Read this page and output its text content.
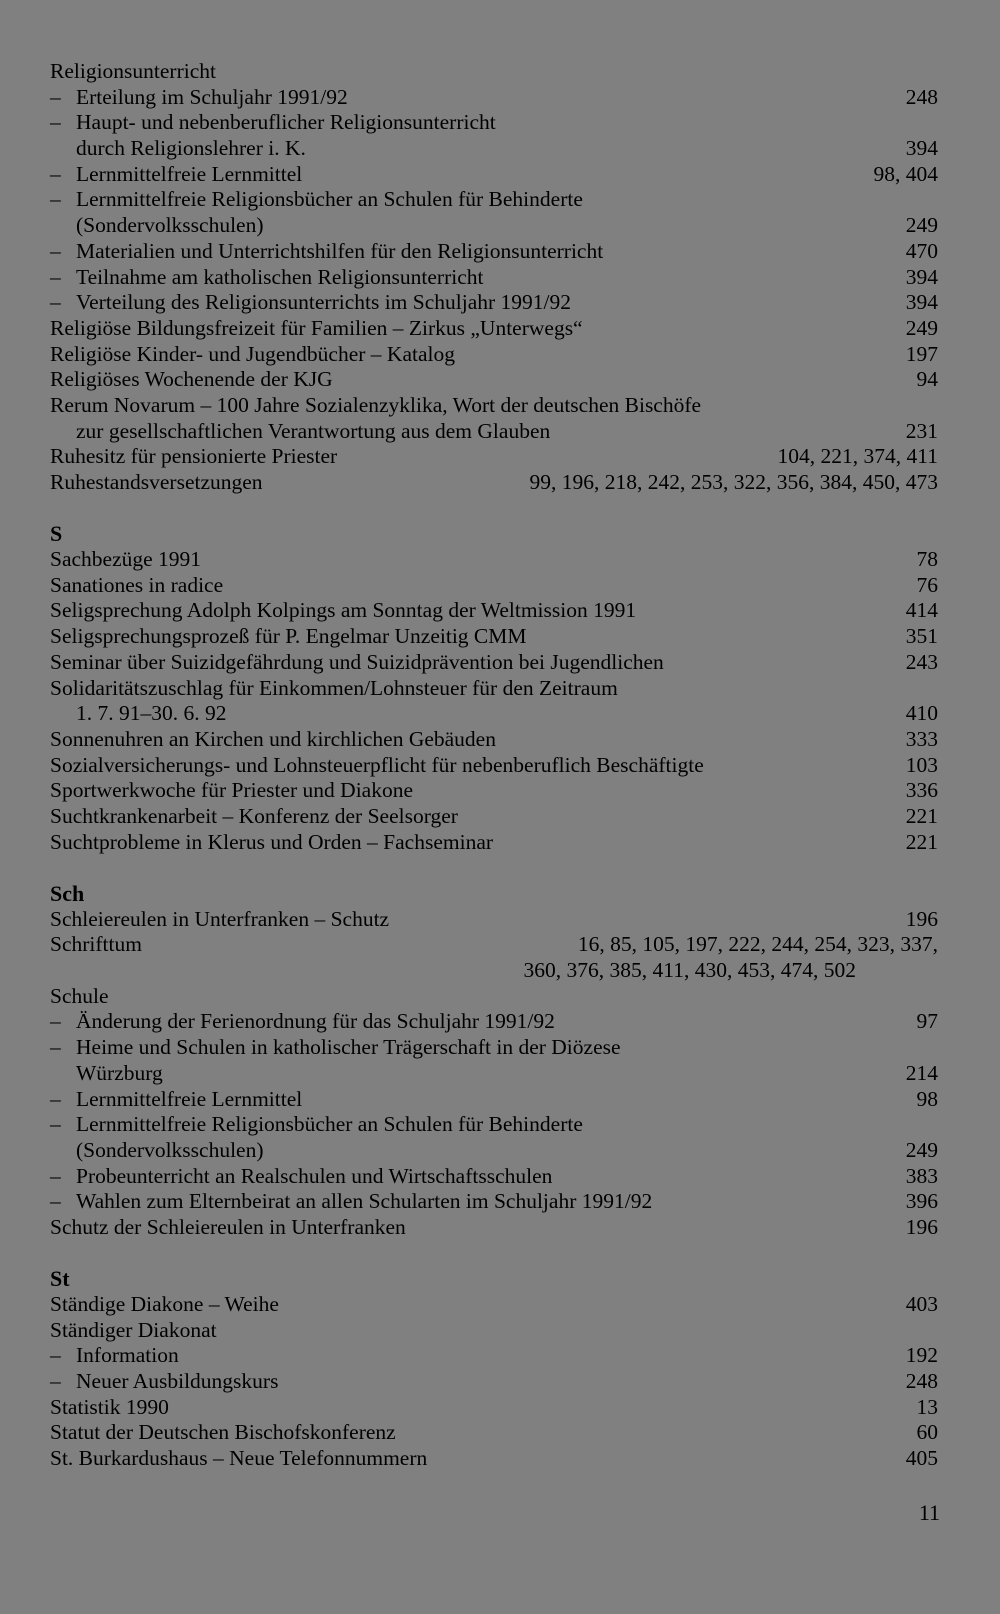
Religionsunterricht
– Erteilung im Schuljahr 1991/92	248
– Haupt- und nebenberuflicher Religionsunterricht
durch Religionslehrer i. K.	394
– Lernmittelfreie Lernmittel	98, 404
– Lernmittelfreie Religionsbücher an Schulen für Behinderte
(Sondervolksschulen)	249
– Materialien und Unterrichtshilfen für den Religionsunterricht	470
– Teilnahme am katholischen Religionsunterricht	394
– Verteilung des Religionsunterrichts im Schuljahr 1991/92	394
Religiöse Bildungsfreizeit für Familien – Zirkus „Unterwegs“	249
Religiöse Kinder- und Jugendbücher – Katalog	197
Religiöses Wochenende der KJG	94
Rerum Novarum – 100 Jahre Sozialenzyklika, Wort der deutschen Bischöfe
zur gesellschaftlichen Verantwortung aus dem Glauben	231
Ruhesitz für pensionierte Priester	104, 221, 374, 411
Ruhestandsversetzungen	99, 196, 218, 242, 253, 322, 356, 384, 450, 473
S
Sachbezüge 1991	78
Sanationes in radice	76
Seligsprechung Adolph Kolpings am Sonntag der Weltmission 1991	414
Seligsprechungsprozeß für P. Engelmar Unzeitig CMM	351
Seminar über Suizidgefährdung und Suizidprävention bei Jugendlichen	243
Solidaritätszuschlag für Einkommen/Lohnsteuer für den Zeitraum
1. 7. 91–30. 6. 92	410
Sonnenuhren an Kirchen und kirchlichen Gebäuden	333
Sozialversicherungs- und Lohnsteuerpflicht für nebenberuflich Beschäftigte	103
Sportwerkwoche für Priester und Diakone	336
Suchtkrankenarbeit – Konferenz der Seelsorger	221
Suchtprobleme in Klerus und Orden – Fachseminar	221
Sch
Schleiereulen in Unterfranken – Schutz	196
Schrifttum	16, 85, 105, 197, 222, 244, 254, 323, 337,
360, 376, 385, 411, 430, 453, 474, 502
Schule
– Änderung der Ferienordnung für das Schuljahr 1991/92	97
– Heime und Schulen in katholischer Trägerschaft in der Diözese
Würzburg	214
– Lernmittelfreie Lernmittel	98
– Lernmittelfreie Religionsbücher an Schulen für Behinderte
(Sondervolksschulen)	249
– Probeunterricht an Realschulen und Wirtschaftsschulen	383
– Wahlen zum Elternbeirat an allen Schularten im Schuljahr 1991/92	396
Schutz der Schleiereulen in Unterfranken	196
St
Ständige Diakone – Weihe	403
Ständiger Diakonat
– Information	192
– Neuer Ausbildungskurs	248
Statistik 1990	13
Statut der Deutschen Bischofskonferenz	60
St. Burkardushaus – Neue Telefonnummern	405
11
